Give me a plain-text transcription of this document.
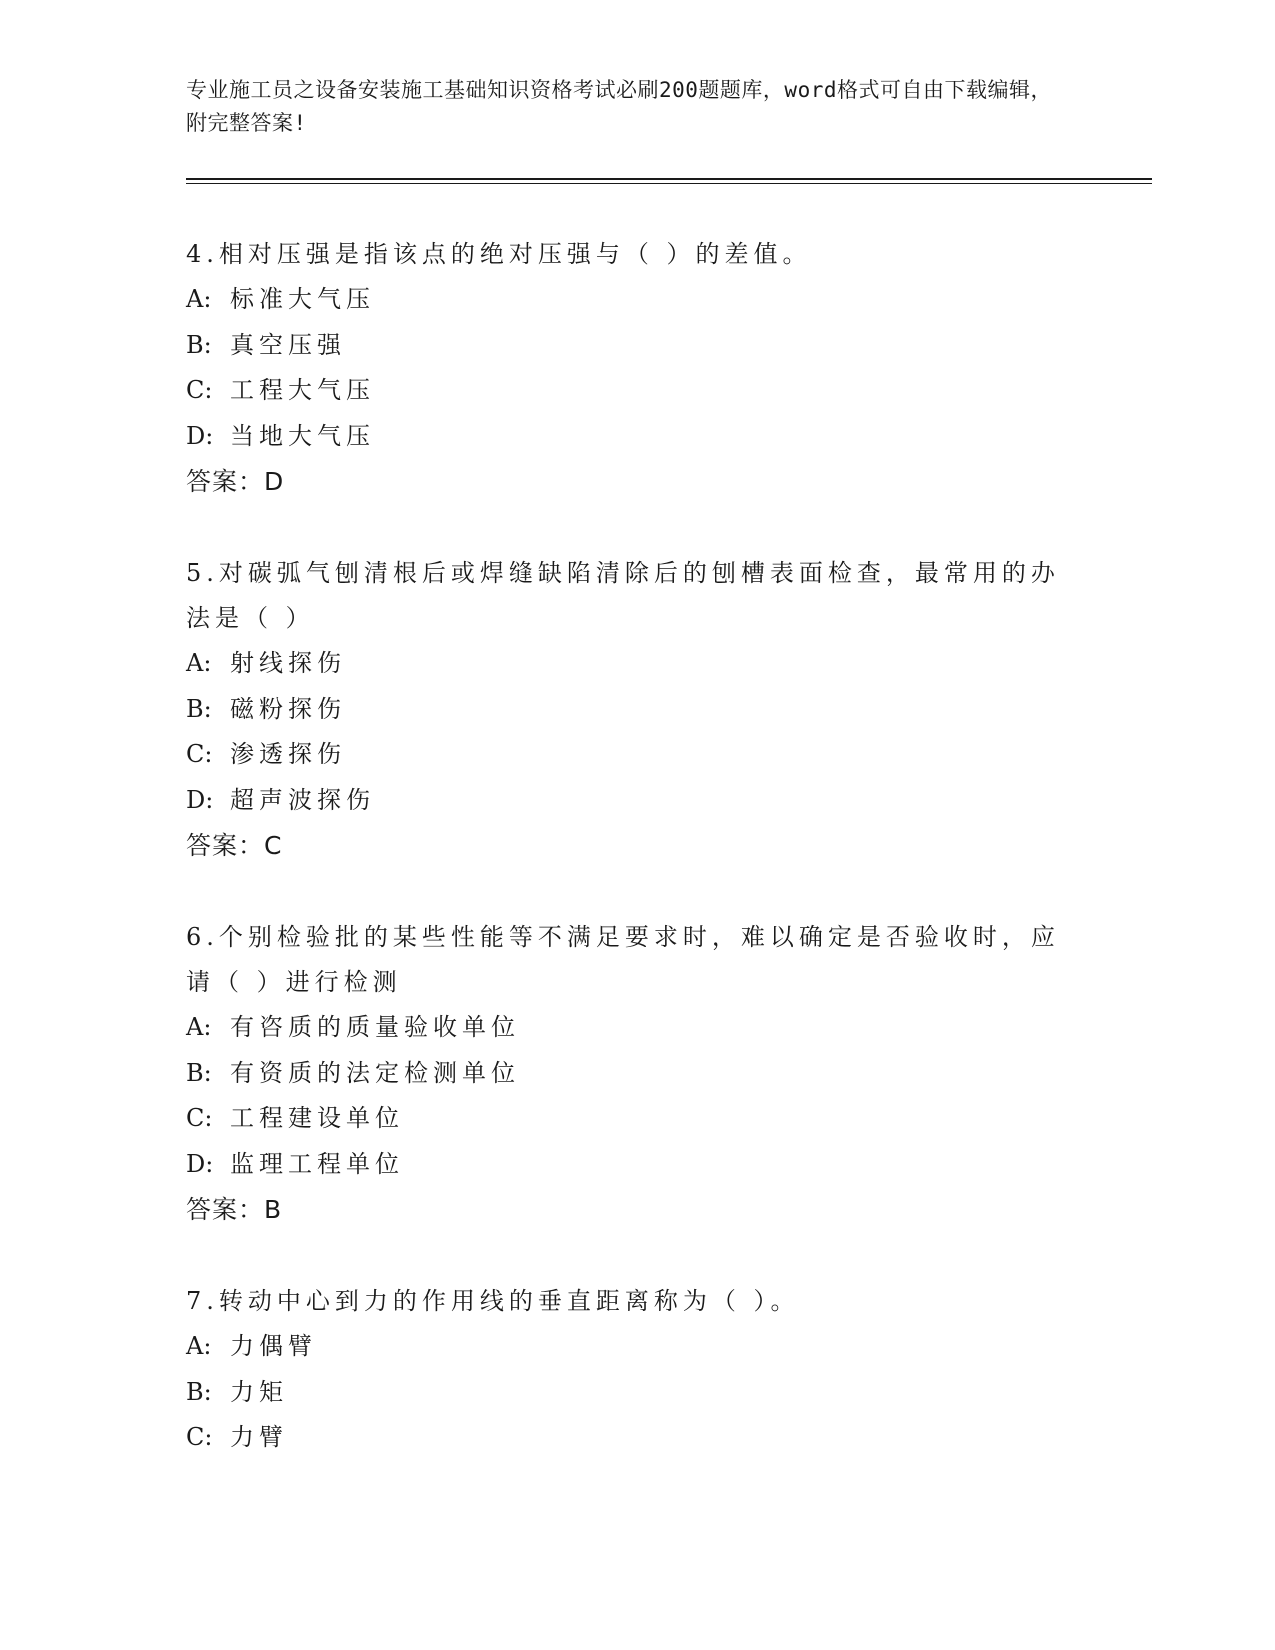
专业施工员之设备安装施工基础知识资格考试必刷200题题库，word格式可自由下载编辑，附完整答案!
4.相对压强是指该点的绝对压强与（ ）的差值。
A: 标准大气压
B: 真空压强
C: 工程大气压
D: 当地大气压
答案：D
5.对碳弧气刨清根后或焊缝缺陷清除后的刨槽表面检查，最常用的办法是（ ）
A: 射线探伤
B: 磁粉探伤
C: 渗透探伤
D: 超声波探伤
答案：C
6.个别检验批的某些性能等不满足要求时，难以确定是否验收时，应请（ ）进行检测
A: 有咨质的质量验收单位
B: 有资质的法定检测单位
C: 工程建设单位
D: 监理工程单位
答案：B
7.转动中心到力的作用线的垂直距离称为（ ）。
A: 力偶臂
B: 力矩
C: 力臂
